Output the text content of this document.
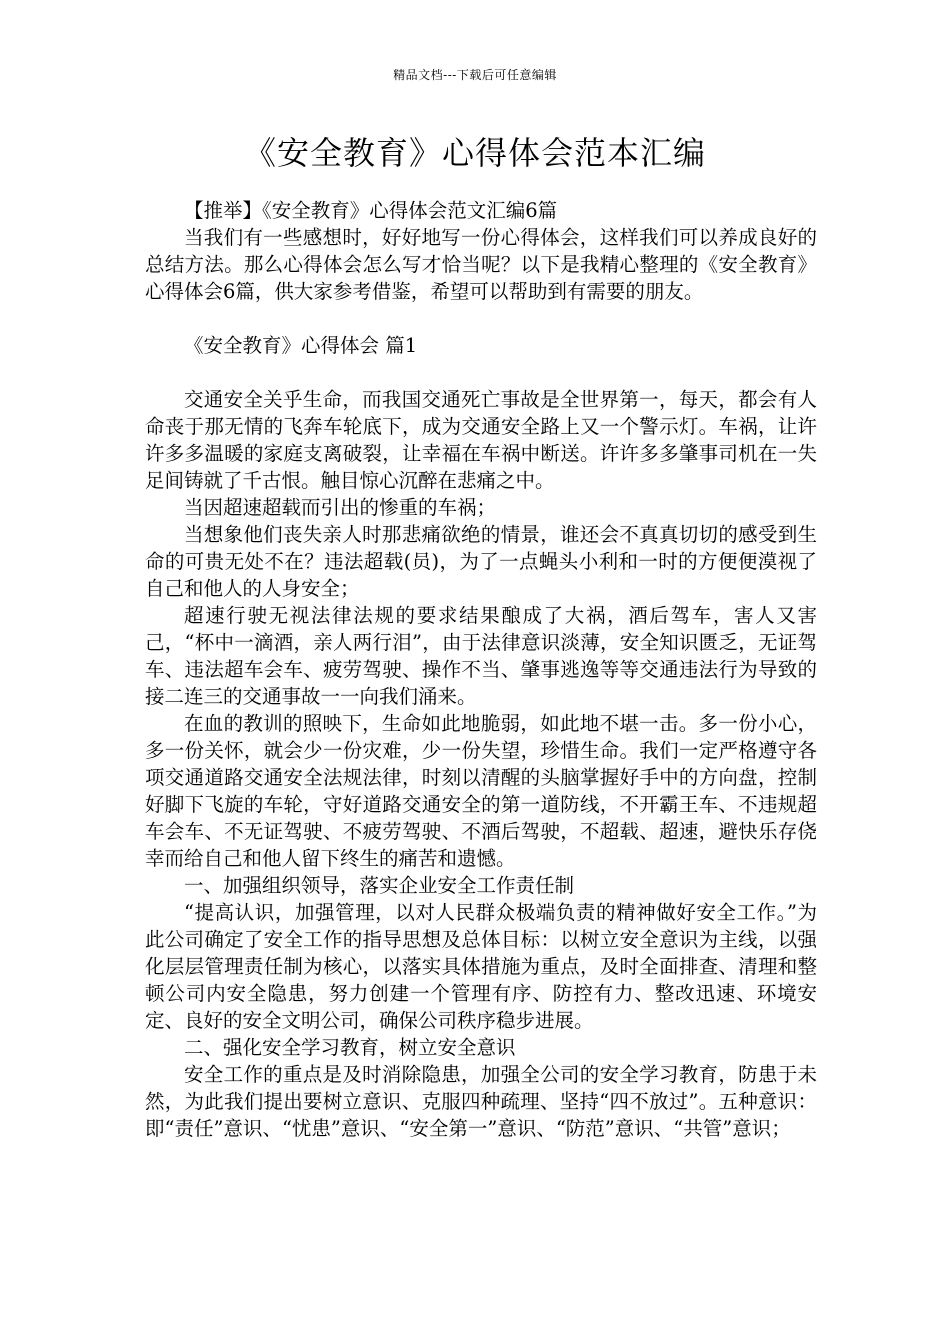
精品文档---下载后可任意编辑
《安全教育》心得体会范本汇编

【推举】《安全教育》心得体会范文汇编6篇

当我们有一些感想时，好好地写一份心得体会，这样我们可以养成良好的总结方法。那么心得体会怎么写才恰当呢？以下是我精心整理的《安全教育》心得体会6篇，供大家参考借鉴，希望可以帮助到有需要的朋友。

《安全教育》心得体会 篇1

交通安全关乎生命，而我国交通死亡事故是全世界第一，每天，都会有人命丧于那无情的飞奔车轮底下，成为交通安全路上又一个警示灯。车祸，让许许多多温暖的家庭支离破裂，让幸福在车祸中断送。许许多多肇事司机在一失足间铸就了千古恨。触目惊心沉醉在悲痛之中。

当因超速超载而引出的惨重的车祸；

当想象他们丧失亲人时那悲痛欲绝的情景，谁还会不真真切切的感受到生命的可贵无处不在？违法超载(员)，为了一点蝇头小利和一时的方便便漠视了自己和他人的人身安全；

超速行驶无视法律法规的要求结果酿成了大祸，酒后驾车，害人又害己，“杯中一滴酒，亲人两行泪”，由于法律意识淡薄，安全知识匮乏，无证驾车、违法超车会车、疲劳驾驶、操作不当、肇事逃逸等等交通违法行为导致的接二连三的交通事故一一向我们涌来。

在血的教训的照映下，生命如此地脆弱，如此地不堪一击。多一份小心，多一份关怀，就会少一份灾难，少一份失望，珍惜生命。我们一定严格遵守各项交通道路交通安全法规法律，时刻以清醒的头脑掌握好手中的方向盘，控制好脚下飞旋的车轮，守好道路交通安全的第一道防线，不开霸王车、不违规超车会车、不无证驾驶、不疲劳驾驶、不酒后驾驶，不超载、超速，避快乐存侥幸而给自己和他人留下终生的痛苦和遗憾。

一、加强组织领导，落实企业安全工作责任制

“提高认识，加强管理，以对人民群众极端负责的精神做好安全工作。”为此公司确定了安全工作的指导思想及总体目标：以树立安全意识为主线，以强化层层管理责任制为核心，以落实具体措施为重点，及时全面排查、清理和整顿公司内安全隐患，努力创建一个管理有序、防控有力、整改迅速、环境安定、良好的安全文明公司，确保公司秩序稳步进展。

二、强化安全学习教育，树立安全意识

安全工作的重点是及时消除隐患，加强全公司的安全学习教育，防患于未然，为此我们提出要树立意识、克服四种疏理、坚持“四不放过”。五种意识：即“责任”意识、“忧患”意识、“安全第一”意识、“防范”意识、“共管”意识；
